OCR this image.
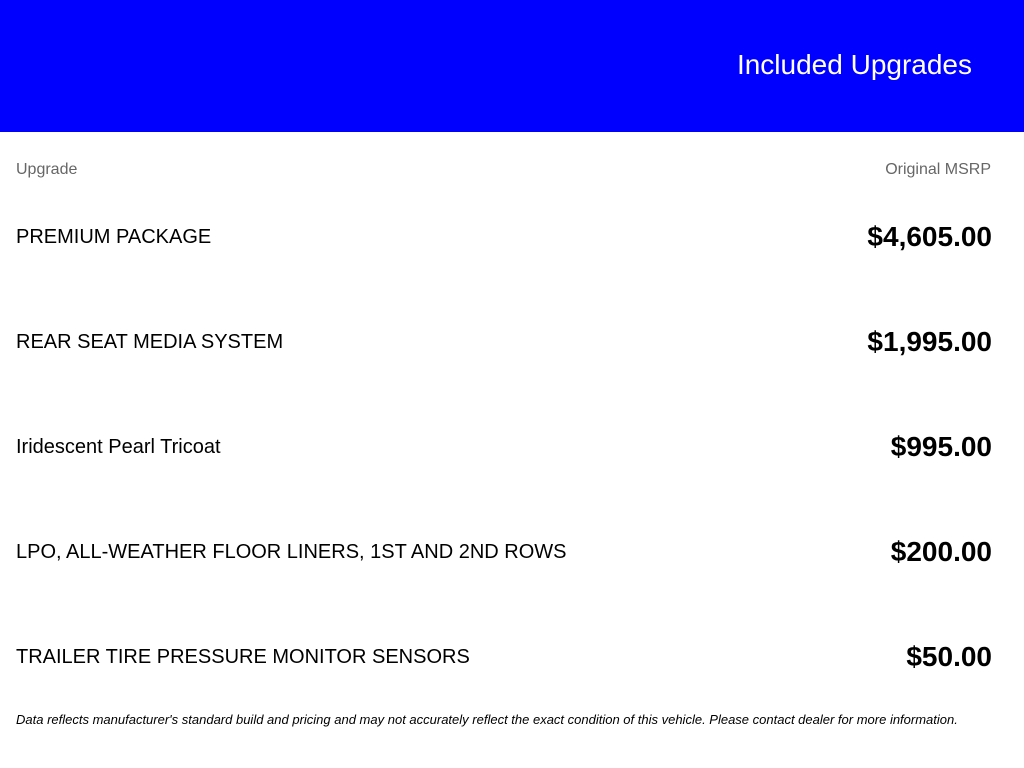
Included Upgrades
Upgrade	Original MSRP
PREMIUM PACKAGE	$4,605.00
REAR SEAT MEDIA SYSTEM	$1,995.00
Iridescent Pearl Tricoat	$995.00
LPO, ALL-WEATHER FLOOR LINERS, 1ST AND 2ND ROWS	$200.00
TRAILER TIRE PRESSURE MONITOR SENSORS	$50.00
Data reflects manufacturer's standard build and pricing and may not accurately reflect the exact condition of this vehicle. Please contact dealer for more information.
